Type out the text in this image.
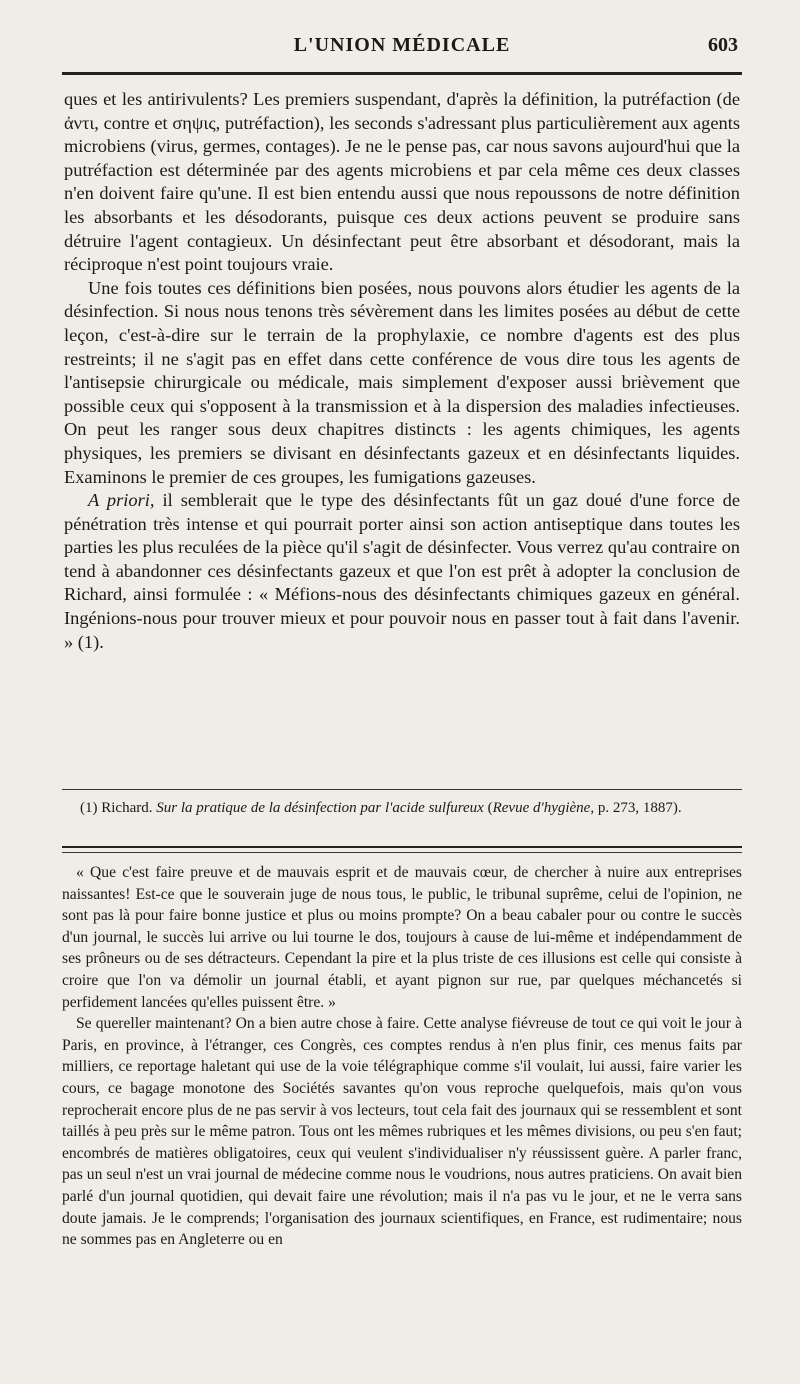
L'UNION MÉDICALE	603

ques et les antirivulents? Les premiers suspendant, d'après la définition, la putréfaction (de ἀντι, contre et σηψις, putréfaction), les seconds s'adressant plus particulièrement aux agents microbiens (virus, germes, contages). Je ne le pense pas, car nous savons aujourd'hui que la putréfaction est déterminée par des agents microbiens et par cela même ces deux classes n'en doivent faire qu'une. Il est bien entendu aussi que nous repoussons de notre définition les absorbants et les désodorants, puisque ces deux actions peuvent se produire sans détruire l'agent contagieux. Un désinfectant peut être absorbant et désodorant, mais la réciproque n'est point toujours vraie.

Une fois toutes ces définitions bien posées, nous pouvons alors étudier les agents de la désinfection. Si nous nous tenons très sévèrement dans les limites posées au début de cette leçon, c'est-à-dire sur le terrain de la prophylaxie, ce nombre d'agents est des plus restreints; il ne s'agit pas en effet dans cette conférence de vous dire tous les agents de l'antisepsie chirurgicale ou médicale, mais simplement d'exposer aussi brièvement que possible ceux qui s'opposent à la transmission et à la dispersion des maladies infectieuses. On peut les ranger sous deux chapitres distincts : les agents chimiques, les agents physiques, les premiers se divisant en désinfectants gazeux et en désinfectants liquides. Examinons le premier de ces groupes, les fumigations gazeuses.

A priori, il semblerait que le type des désinfectants fût un gaz doué d'une force de pénétration très intense et qui pourrait porter ainsi son action antiseptique dans toutes les parties les plus reculées de la pièce qu'il s'agit de désinfecter. Vous verrez qu'au contraire on tend à abandonner ces désinfectants gazeux et que l'on est prêt à adopter la conclusion de Richard, ainsi formulée : « Méfions-nous des désinfectants chimiques gazeux en général. Ingénions-nous pour trouver mieux et pour pouvoir nous en passer tout à fait dans l'avenir. » (1).

(1) Richard. Sur la pratique de la désinfection par l'acide sulfureux (Revue d'hygiène, p. 273, 1887).

« Que c'est faire preuve et de mauvais esprit et de mauvais cœur, de chercher à nuire aux entreprises naissantes! Est-ce que le souverain juge de nous tous, le public, le tribunal suprême, celui de l'opinion, ne sont pas là pour faire bonne justice et plus ou moins prompte? On a beau cabaler pour ou contre le succès d'un journal, le succès lui arrive ou lui tourne le dos, toujours à cause de lui-même et indépendamment de ses prôneurs ou de ses détracteurs. Cependant la pire et la plus triste de ces illusions est celle qui consiste à croire que l'on va démolir un journal établi, et ayant pignon sur rue, par quelques méchancetés si perfidement lancées qu'elles puissent être. »

Se quereller maintenant? On a bien autre chose à faire. Cette analyse fiévreuse de tout ce qui voit le jour à Paris, en province, à l'étranger, ces Congrès, ces comptes rendus à n'en plus finir, ces menus faits par milliers, ce reportage haletant qui use de la voie télégraphique comme s'il voulait, lui aussi, faire varier les cours, ce bagage monotone des Sociétés savantes qu'on vous reproche quelquefois, mais qu'on vous reprocherait encore plus de ne pas servir à vos lecteurs, tout cela fait des journaux qui se ressemblent et sont taillés à peu près sur le même patron. Tous ont les mêmes rubriques et les mêmes divisions, ou peu s'en faut; encombrés de matières obligatoires, ceux qui veulent s'individualiser n'y réussissent guère. A parler franc, pas un seul n'est un vrai journal de médecine comme nous le voudrions, nous autres praticiens. On avait bien parlé d'un journal quotidien, qui devait faire une révolution; mais il n'a pas vu le jour, et ne le verra sans doute jamais. Je le comprends; l'organisation des journaux scientifiques, en France, est rudimentaire; nous ne sommes pas en Angleterre ou en
